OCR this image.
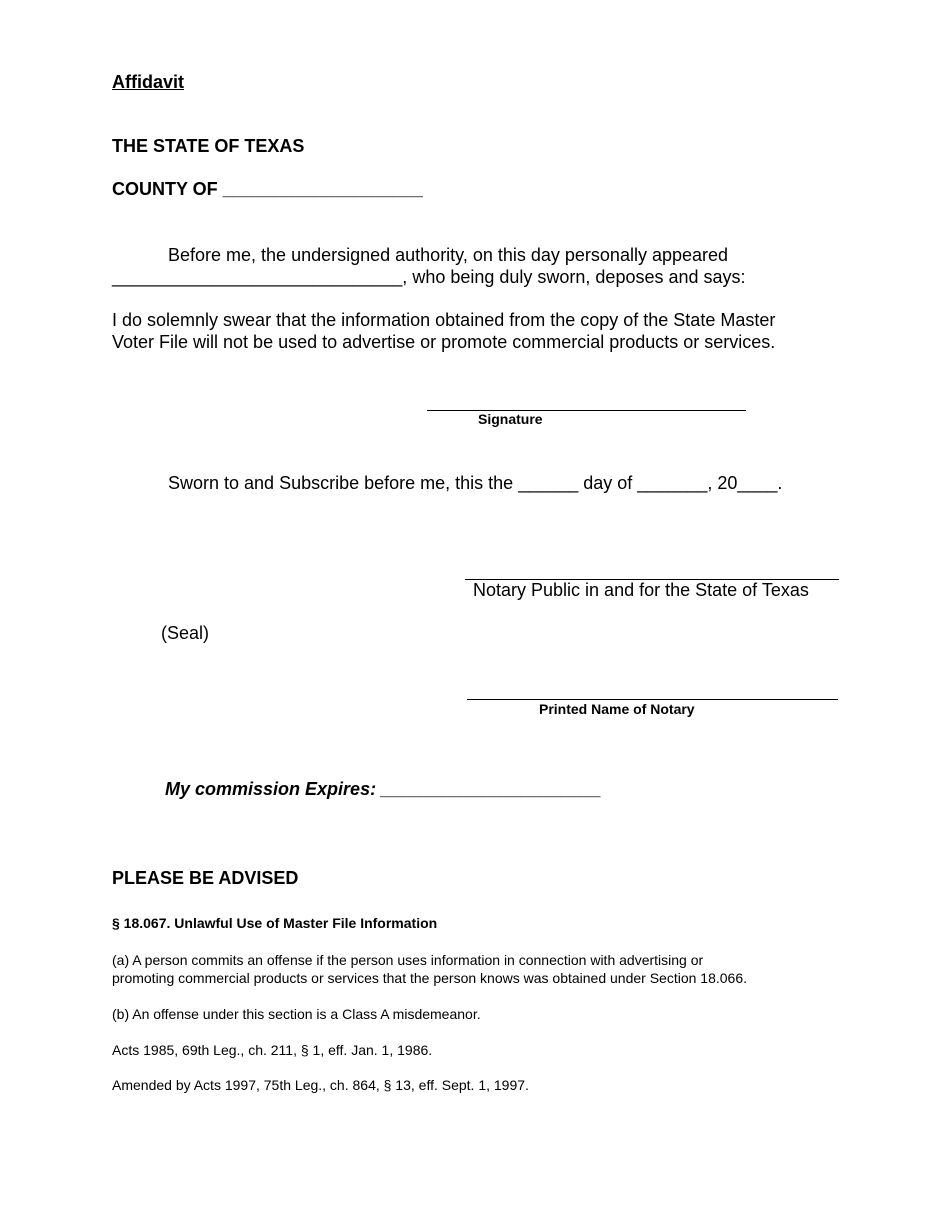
Affidavit
THE STATE OF TEXAS
COUNTY OF ____________________
Before me, the undersigned authority, on this day personally appeared
_____________________________, who being duly sworn, deposes and says:
I do solemnly swear that the information obtained from the copy of the State Master
Voter File will not be used to advertise or promote commercial products or services.
Signature
Sworn to and Subscribe before me, this the ______ day of _______, 20____.
Notary Public in and for the State of Texas
(Seal)
Printed Name of Notary
My commission Expires: ______________________
PLEASE BE ADVISED
§ 18.067. Unlawful Use of Master File Information
(a) A person commits an offense if the person uses information in connection with advertising or
promoting commercial products or services that the person knows was obtained under Section 18.066.
(b) An offense under this section is a Class A misdemeanor.
Acts 1985, 69th Leg., ch. 211, § 1, eff. Jan. 1, 1986.
Amended by Acts 1997, 75th Leg., ch. 864, § 13, eff. Sept. 1, 1997.
